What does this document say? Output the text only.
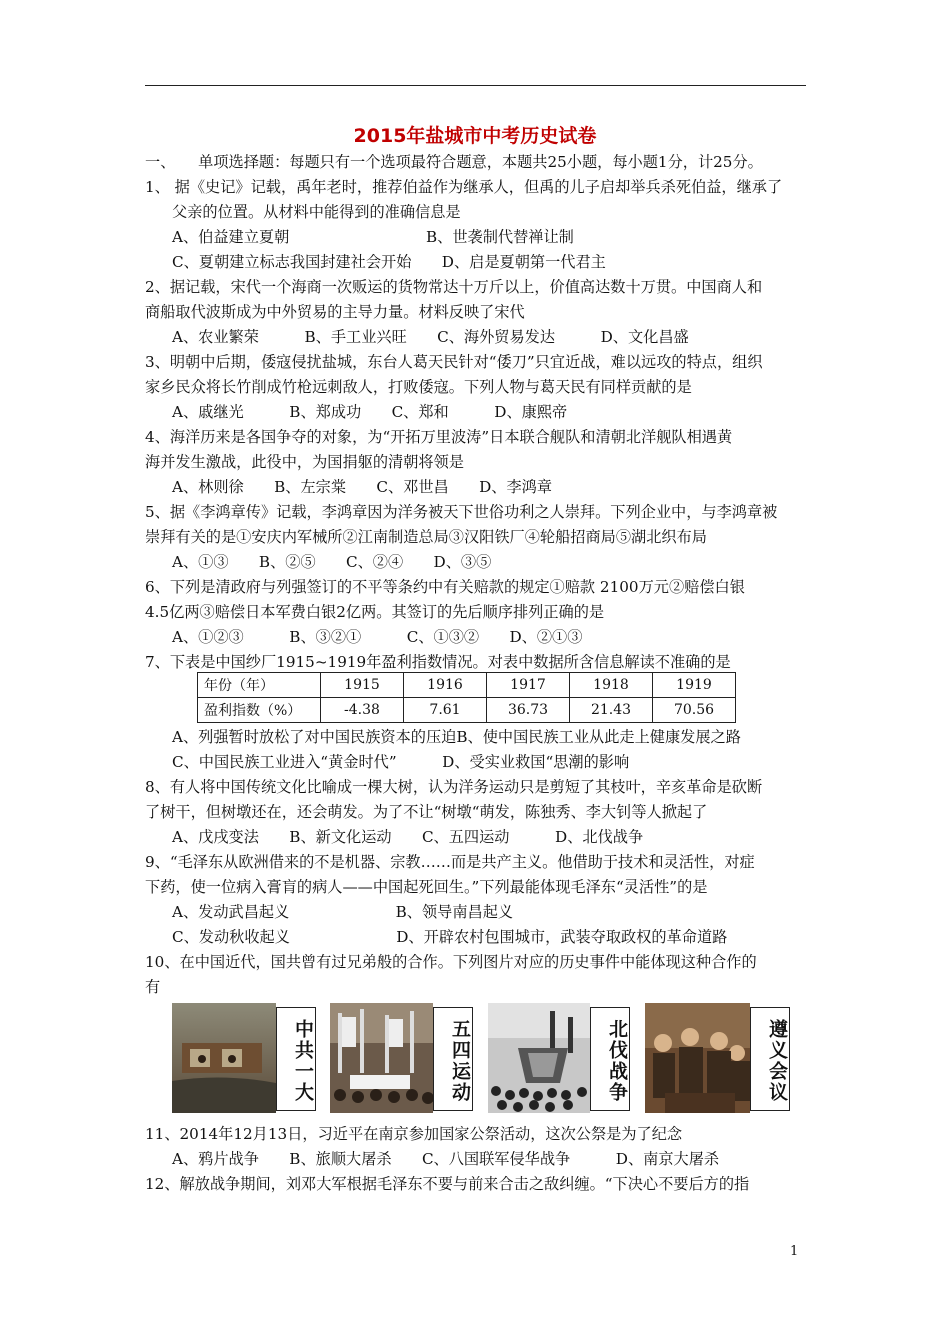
2015年盐城市中考历史试卷
一、　　单项选择题：每题只有一个选项最符合题意，本题共25小题，每小题1分，计25分。
1、 据《史记》记载，禹年老时，推荐伯益作为继承人，但禹的儿子启却举兵杀死伯益，继承了
父亲的位置。从材料中能得到的准确信息是
A、伯益建立夏朝　　　　　　　　　B、世袭制代替禅让制
C、夏朝建立标志我国封建社会开始　　D、启是夏朝第一代君主
2、据记载，宋代一个海商一次贩运的货物常达十万斤以上，价值高达数十万贯。中国商人和
商船取代波斯成为中外贸易的主导力量。材料反映了宋代
A、农业繁荣　　　B、手工业兴旺　　C、海外贸易发达　　　D、文化昌盛
3、明朝中后期，倭寇侵扰盐城，东台人葛天民针对“倭刀”只宜近战，难以远攻的特点，组织
家乡民众将长竹削成竹枪远刺敌人，打败倭寇。下列人物与葛天民有同样贡献的是
A、戚继光　　　B、郑成功　　C、郑和　　　D、康熙帝
4、海洋历来是各国争夺的对象，为“开拓万里波涛”日本联合舰队和清朝北洋舰队相遇黄
海并发生激战，此役中，为国捐躯的清朝将领是
A、林则徐　　B、左宗棠　　C、邓世昌　　D、李鸿章
5、据《李鸿章传》记载，李鸿章因为洋务被天下世俗功利之人崇拜。下列企业中，与李鸿章被
崇拜有关的是①安庆内军械所②江南制造总局③汉阳铁厂④轮船招商局⑤湖北织布局
A、①③　　B、②⑤　　C、②④　　D、③⑤
6、下列是清政府与列强签订的不平等条约中有关赔款的规定①赔款 2100万元②赔偿白银
4.5亿两③赔偿日本军费白银2亿两。其签订的先后顺序排列正确的是
A、①②③　　　B、③②①　　　C、①③②　　D、②①③
7、下表是中国纱厂1915~1919年盈利指数情况。对表中数据所含信息解读不准确的是
年份（年）	1915	1916	1917	1918	1919
盈利指数（%）	-4.38	7.61	36.73	21.43	70.56
A、列强暂时放松了对中国民族资本的压迫B、使中国民族工业从此走上健康发展之路
C、中国民族工业进入“黄金时代”　　　D、受实业救国“思潮的影响
8、有人将中国传统文化比喻成一棵大树，认为洋务运动只是剪短了其枝叶，辛亥革命是砍断
了树干，但树墩还在，还会萌发。为了不让“树墩“萌发，陈独秀、李大钊等人掀起了
A、戊戌变法　　B、新文化运动　　C、五四运动　　　D、北伐战争
9、“毛泽东从欧洲借来的不是机器、宗教……而是共产主义。他借助于技术和灵活性，对症
下药，使一位病入膏肓的病人——中国起死回生。”下列最能体现毛泽东“灵活性”的是
A、发动武昌起义　　　　　　　B、领导南昌起义
C、发动秋收起义　　　　　　　D、开辟农村包围城市，武装夺取政权的革命道路
10、在中国近代，国共曾有过兄弟般的合作。下列图片对应的历史事件中能体现这种合作的
有
中共一大	五四运动	北伐战争	遵义会议
11、2014年12月13日，习近平在南京参加国家公祭活动，这次公祭是为了纪念
A、鸦片战争　　B、旅顺大屠杀　　C、八国联军侵华战争　　　D、南京大屠杀
12、解放战争期间，刘邓大军根据毛泽东不要与前来合击之敌纠缠。“下决心不要后方的指
1
